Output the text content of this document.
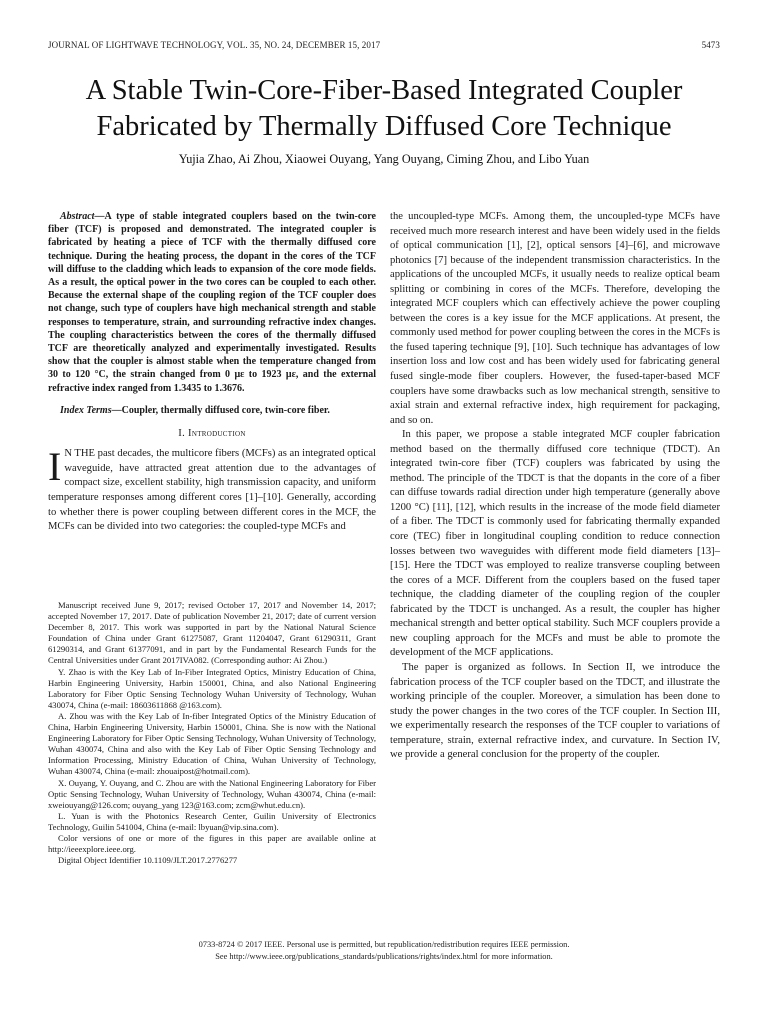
JOURNAL OF LIGHTWAVE TECHNOLOGY, VOL. 35, NO. 24, DECEMBER 15, 2017	5473
A Stable Twin-Core-Fiber-Based Integrated Coupler
Fabricated by Thermally Diffused Core Technique
Yujia Zhao, Ai Zhou, Xiaowei Ouyang, Yang Ouyang, Ciming Zhou, and Libo Yuan

Abstract—A type of stable integrated couplers based on the twin-core fiber (TCF) is proposed and demonstrated. The integrated coupler is fabricated by heating a piece of TCF with the thermally diffused core technique. During the heating process, the dopant in the cores of the TCF will diffuse to the cladding which leads to expansion of the core mode fields. As a result, the optical power in the two cores can be coupled to each other. Because the external shape of the coupling region of the TCF coupler does not change, such type of couplers have high mechanical strength and stable responses to temperature, strain, and surrounding refractive index changes. The coupling characteristics between the cores of the thermally diffused TCF are theoretically analyzed and experimentally investigated. Results show that the coupler is almost stable when the temperature changed from 30 to 120 °C, the strain changed from 0 με to 1923 με, and the external refractive index ranged from 1.3435 to 1.3676.

Index Terms—Coupler, thermally diffused core, twin-core fiber.

I. Introduction

I N THE past decades, the multicore fibers (MCFs) as an integrated optical waveguide, have attracted great attention due to the advantages of compact size, excellent stability, high transmission capacity, and uniform temperature responses among different cores [1]–[10]. Generally, according to whether there is power coupling between different cores in the MCF, the MCFs can be divided into two categories: the coupled-type MCFs and

Manuscript received June 9, 2017; revised October 17, 2017 and November 14, 2017; accepted November 17, 2017. Date of publication November 21, 2017; date of current version December 8, 2017. This work was supported in part by the National Natural Science Foundation of China under Grant 61275087, Grant 11204047, Grant 61290311, Grant 61290314, and Grant 61377091, and in part by the Fundamental Research Funds for the Central Universities under Grant 2017IVA082. (Corresponding author: Ai Zhou.)

Y. Zhao is with the Key Lab of In-Fiber Integrated Optics, Ministry Education of China, Harbin Engineering University, Harbin 150001, China, and also National Engineering Laboratory for Fiber Optic Sensing Technology Wuhan University of Technology, Wuhan 430074, China (e-mail: 18603611868 @163.com).

A. Zhou was with the Key Lab of In-fiber Integrated Optics of the Ministry Education of China, Harbin Engineering University, Harbin 150001, China. She is now with the National Engineering Laboratory for Fiber Optic Sensing Technology, Wuhan University of Technology, Wuhan 430074, China and also with the Key Lab of Fiber Optic Sensing Technology and Information Processing, Ministry Education of China, Wuhan University of Technology, Wuhan 430074, China (e-mail: zhouaipost@hotmail.com).

X. Ouyang, Y. Ouyang, and C. Zhou are with the National Engineering Laboratory for Fiber Optic Sensing Technology, Wuhan University of Technology, Wuhan 430074, China (e-mail: xweiouyang@126.com; ouyang_yang 123@163.com; zcm@whut.edu.cn).

L. Yuan is with the Photonics Research Center, Guilin University of Electronics Technology, Guilin 541004, China (e-mail: lbyuan@vip.sina.com).

Color versions of one or more of the figures in this paper are available online at http://ieeexplore.ieee.org.

Digital Object Identifier 10.1109/JLT.2017.2776277

the uncoupled-type MCFs. Among them, the uncoupled-type MCFs have received much more research interest and have been widely used in the fields of optical communication [1], [2], optical sensors [4]–[6], and microwave photonics [7] because of the independent transmission characteristics. In the applications of the uncoupled MCFs, it usually needs to realize optical beam splitting or combining in cores of the MCFs. Therefore, developing the integrated MCF couplers which can effectively achieve the power coupling between the cores is a key issue for the MCF applications. At present, the commonly used method for power coupling between the cores in the MCFs is the fused tapering technique [9], [10]. Such technique has advantages of low insertion loss and low cost and has been widely used for fabricating general fused single-mode fiber couplers. However, the fused-taper-based MCF couplers have some drawbacks such as low mechanical strength, sensitive to axial strain and external refractive index, high requirement for packaging, and so on.

In this paper, we propose a stable integrated MCF coupler fabrication method based on the thermally diffused core technique (TDCT). An integrated twin-core fiber (TCF) couplers was fabricated by using the method. The principle of the TDCT is that the dopants in the core of a fiber can diffuse towards radial direction under high temperature (generally above 1200 °C) [11], [12], which results in the increase of the mode field diameter of a fiber. The TDCT is commonly used for fabricating thermally expanded core (TEC) fiber in longitudinal coupling condition to reduce connection losses between two waveguides with different mode field diameters [13]–[15]. Here the TDCT was employed to realize transverse coupling between the cores of a MCF. Different from the couplers based on the fused taper technique, the cladding diameter of the coupling region of the coupler fabricated by the TDCT is unchanged. As a result, the coupler has higher mechanical strength and better optical stability. Such MCF couplers provide a new coupling approach for the MCFs and must be able to promote the development of the MCF applications.

The paper is organized as follows. In Section II, we introduce the fabrication process of the TCF coupler based on the TDCT, and illustrate the working principle of the coupler. Moreover, a simulation has been done to study the power changes in the two cores of the TCF coupler. In Section III, we experimentally research the responses of the TCF coupler to variations of temperature, strain, external refractive index, and curvature. In Section IV, we provide a general conclusion for the property of the coupler.

0733-8724 © 2017 IEEE. Personal use is permitted, but republication/redistribution requires IEEE permission.
See http://www.ieee.org/publications_standards/publications/rights/index.html for more information.
